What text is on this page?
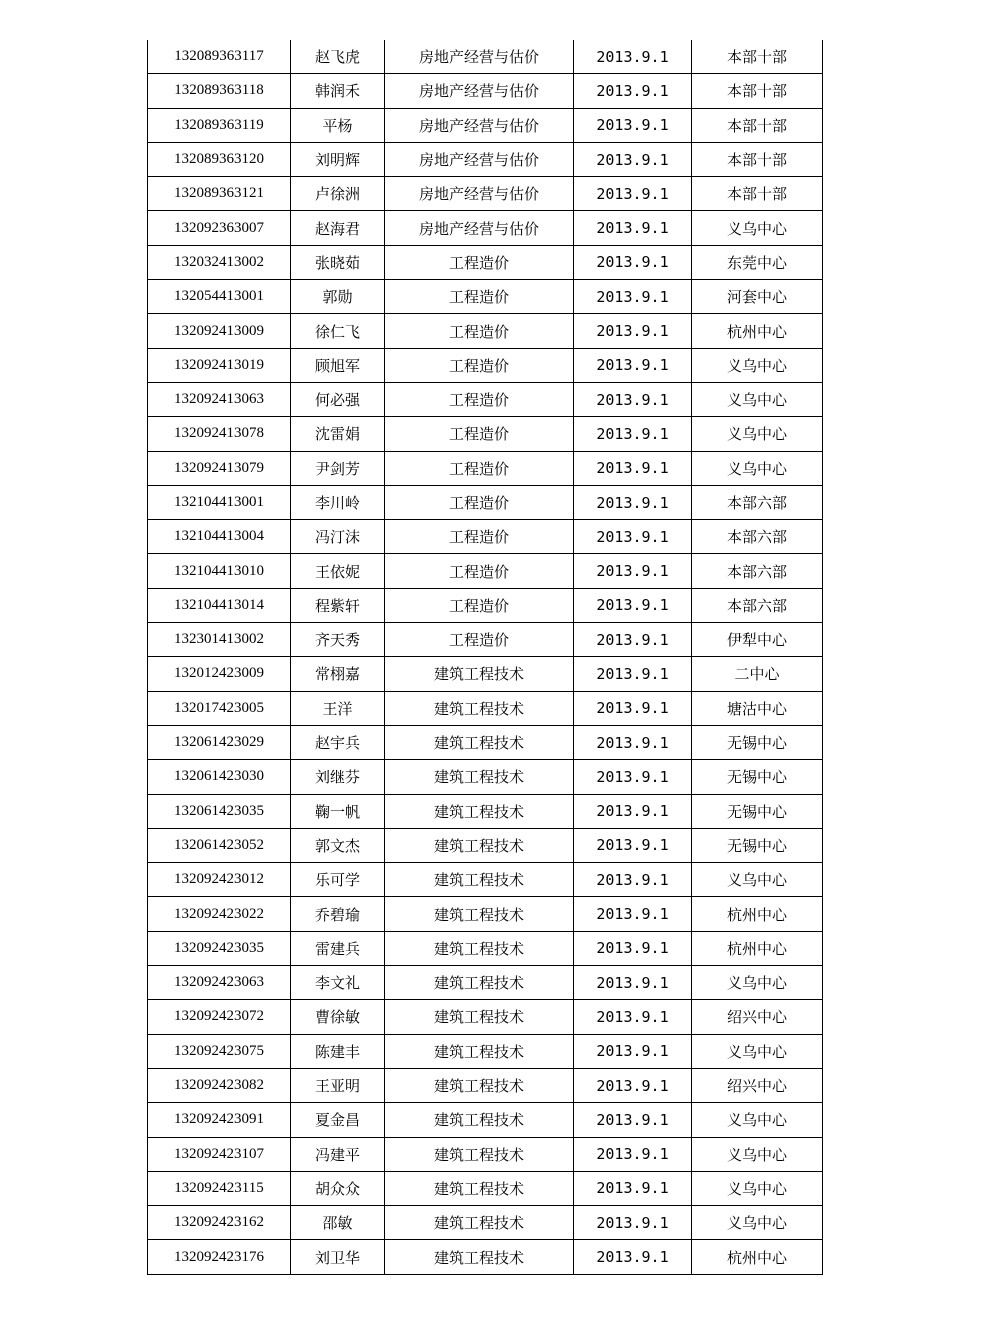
132089363117	赵飞虎	房地产经营与估价	2013.9.1	本部十部
132089363118	韩润禾	房地产经营与估价	2013.9.1	本部十部
132089363119	平杨	房地产经营与估价	2013.9.1	本部十部
132089363120	刘明辉	房地产经营与估价	2013.9.1	本部十部
132089363121	卢徐洲	房地产经营与估价	2013.9.1	本部十部
132092363007	赵海君	房地产经营与估价	2013.9.1	义乌中心
132032413002	张晓茹	工程造价	2013.9.1	东莞中心
132054413001	郭勋	工程造价	2013.9.1	河套中心
132092413009	徐仁飞	工程造价	2013.9.1	杭州中心
132092413019	顾旭军	工程造价	2013.9.1	义乌中心
132092413063	何必强	工程造价	2013.9.1	义乌中心
132092413078	沈雷娟	工程造价	2013.9.1	义乌中心
132092413079	尹剑芳	工程造价	2013.9.1	义乌中心
132104413001	李川岭	工程造价	2013.9.1	本部六部
132104413004	冯汀沫	工程造价	2013.9.1	本部六部
132104413010	王依妮	工程造价	2013.9.1	本部六部
132104413014	程紫轩	工程造价	2013.9.1	本部六部
132301413002	齐天秀	工程造价	2013.9.1	伊犁中心
132012423009	常栩嘉	建筑工程技术	2013.9.1	二中心
132017423005	王洋	建筑工程技术	2013.9.1	塘沽中心
132061423029	赵宇兵	建筑工程技术	2013.9.1	无锡中心
132061423030	刘继芬	建筑工程技术	2013.9.1	无锡中心
132061423035	鞠一帆	建筑工程技术	2013.9.1	无锡中心
132061423052	郭文杰	建筑工程技术	2013.9.1	无锡中心
132092423012	乐可学	建筑工程技术	2013.9.1	义乌中心
132092423022	乔碧瑜	建筑工程技术	2013.9.1	杭州中心
132092423035	雷建兵	建筑工程技术	2013.9.1	杭州中心
132092423063	李文礼	建筑工程技术	2013.9.1	义乌中心
132092423072	曹徐敏	建筑工程技术	2013.9.1	绍兴中心
132092423075	陈建丰	建筑工程技术	2013.9.1	义乌中心
132092423082	王亚明	建筑工程技术	2013.9.1	绍兴中心
132092423091	夏金昌	建筑工程技术	2013.9.1	义乌中心
132092423107	冯建平	建筑工程技术	2013.9.1	义乌中心
132092423115	胡众众	建筑工程技术	2013.9.1	义乌中心
132092423162	邵敏	建筑工程技术	2013.9.1	义乌中心
132092423176	刘卫华	建筑工程技术	2013.9.1	杭州中心
